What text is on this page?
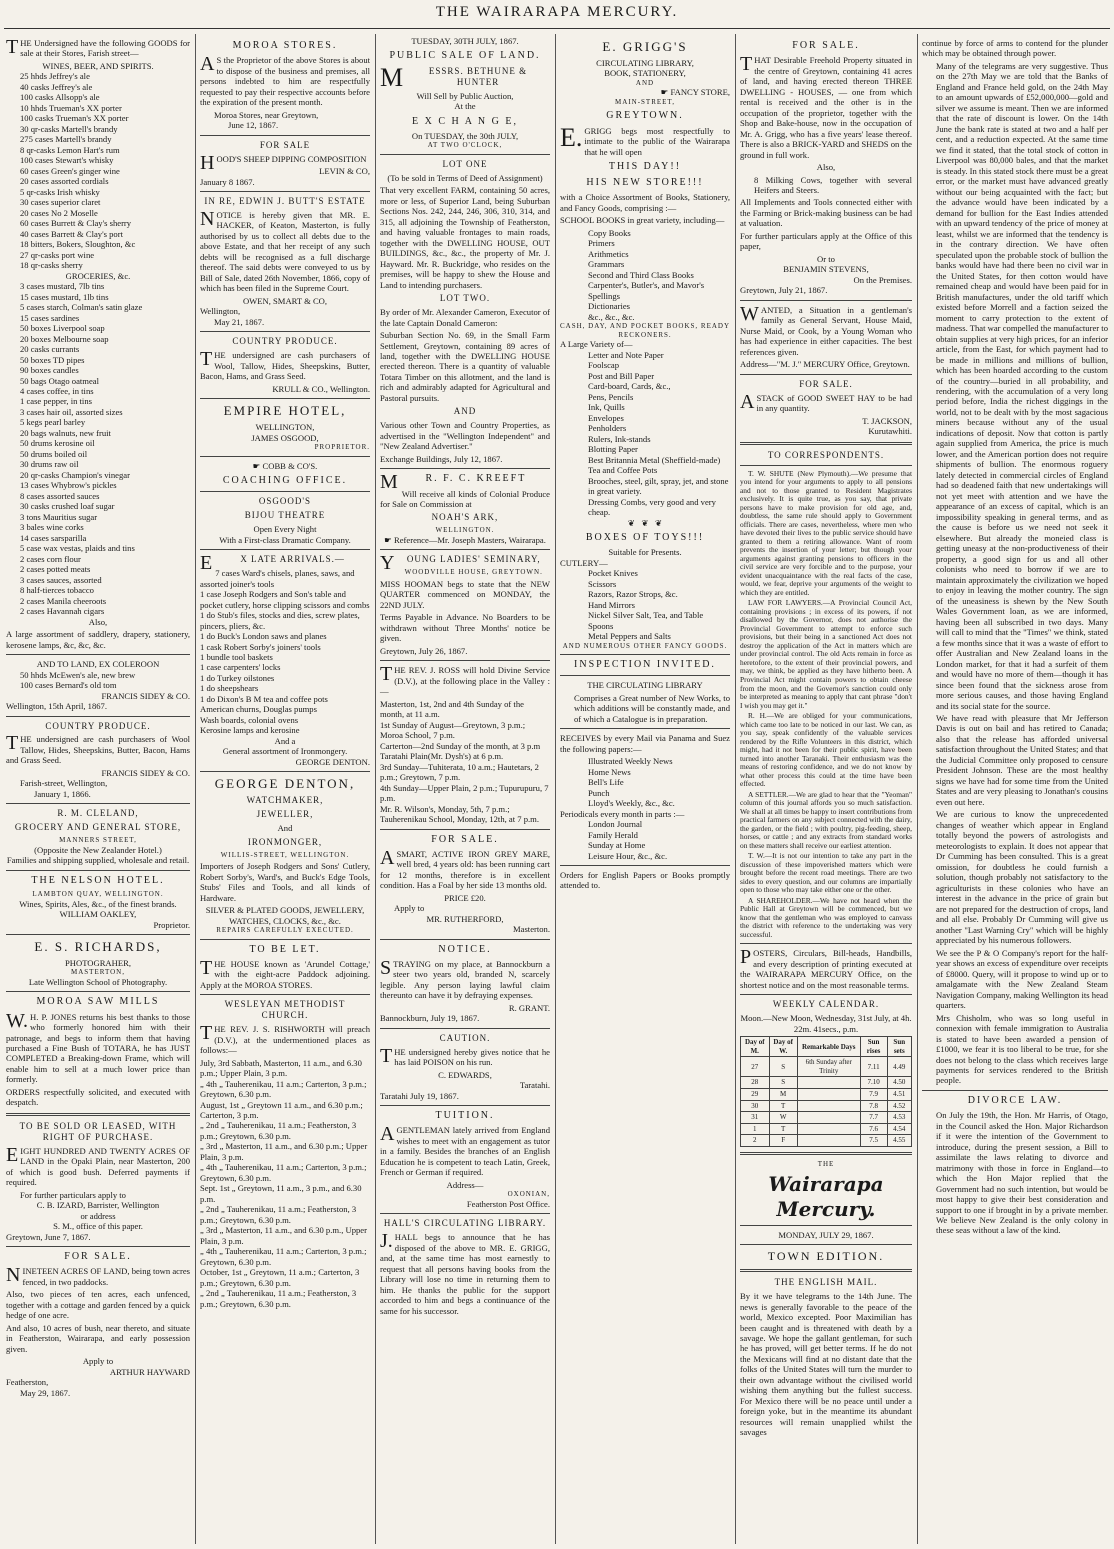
THE WAIRARAPA MERCURY.

THE Undersigned have the following GOODS for sale at their Stores, Farish street—

WINES, BEER, AND SPIRITS.
25 hhds Jeffrey's ale
40 casks Jeffrey's ale
100 casks Allsopp's ale
10 hhds Trueman's XX porter
100 casks Trueman's XX porter
30 qr-casks Martell's brandy
275 cases Martell's brandy
8 qr-casks Lemon Hart's rum
100 cases Stewart's whisky
60 cases Green's ginger wine
20 cases assorted cordials
5 qr-casks Irish whisky
30 cases superior claret
20 cases No 2 Moselle
60 cases Burrett & Clay's sherry
40 cases Barrett & Clay's port
18 bitters, Bokers, Sloughton, &c
27 qr-casks port wine
18 qr-casks sherry
GROCERIES, &c.
3 cases mustard, 7lb tins
15 cases mustard, 1lb tins
5 cases starch, Colman's satin glaze
15 cases sardines
50 boxes Liverpool soap
20 boxes Melbourne soap
20 casks currants
50 boxes TD pipes
90 boxes candles
50 bags Otago oatmeal
4 cases coffee, in tins
1 case pepper, in tins
3 cases hair oil, assorted sizes
5 kegs pearl barley
20 bags walnuts, new fruit
50 drums kerosine oil
50 drums boiled oil
30 drums raw oil
20 qr-casks Champion's vinegar
13 cases Whybrow's pickles
8 cases assorted sauces
30 casks crushed loaf sugar
3 tons Mauritius sugar
3 bales wine corks
14 cases sarsparilla
5 case wax vestas, plaids and tins
2 cases corn flour
2 cases potted meats
3 cases sauces, assorted
8 half-tierces tobacco
2 cases Manila cheeroots
2 cases Havannah cigars
Also,

A large assortment of saddlery, drapery, stationery, kerosene lamps, &c, &c, &c.

AND TO LAND, EX COLEROON
50 hhds McEwen's ale, new brew
100 cases Bernard's old tom
FRANCIS SIDEY & CO.
Wellington, 15th April, 1867.
COUNTRY PRODUCE.

THE undersigned are cash purchasers of Wool Tallow, Hides, Sheepskins, Butter, Bacon, Hams and Grass Seed.

FRANCIS SIDEY & CO.
Farish-street, Wellington,
January 1, 1866.
R. M. CLELAND,
GROCERY AND GENERAL STORE,
MANNERS STREET,
(Opposite the New Zealander Hotel.)
Families and shipping supplied, wholesale and retail.
THE NELSON HOTEL.
LAMBTON QUAY, WELLINGTON.
Wines, Spirits, Ales, &c., of the finest brands.
WILLIAM OAKLEY,
Proprietor.
E. S. RICHARDS,
PHOTOGRAHER,
MASTERTON,
Late Wellington School of Photography.
MOROA SAW MILLS

W.H. P. JONES returns his best thanks to those who formerly honored him with their patronage, and begs to inform them that having purchased a Fine Bush of TOTARA, he has JUST COMPLETED a Breaking-down Frame, which will enable him to sell at a much lower price than formerly.

ORDERS respectfully solicited, and executed with despatch.

TO BE SOLD OR LEASED, WITH RIGHT OF PURCHASE.

EIGHT HUNDRED AND TWENTY ACRES OF LAND in the Opaki Plain, near Masterton, 200 of which is good bush. Deferred payments if required.

For further particulars apply to
C. B. IZARD, Barrister, Wellington
or address
S. M., office of this paper.
Greytown, June 7, 1867.
FOR SALE.

NINETEEN ACRES OF LAND, being town acres fenced, in two paddocks.

Also, two pieces of ten acres, each unfenced, together with a cottage and garden fenced by a quick hedge of one acre.

And also, 10 acres of bush, near thereto, and situate in Featherston, Wairarapa, and early possession given.

Apply to
ARTHUR HAYWARD
Featherston,
May 29, 1867.
MOROA STORES.

AS the Proprietor of the above Stores is about to dispose of the business and premises, all persons indebted to him are respectfully requested to pay their respective accounts before the expiration of the present month.

Moroa Stores, near Greytown,
June 12, 1867.
FOR SALE

HOOD'S SHEEP DIPPING COMPOSITION

LEVIN & CO,
January 8 1867.
IN RE, EDWIN J. BUTT'S ESTATE

NOTICE is hereby given that MR. E. HACKER, of Keaton, Masterton, is fully authorised by us to collect all debts due to the above Estate, and that her receipt of any such debts will be recognised as a full discharge thereof. The said debts were conveyed to us by Bill of Sale, dated 26th November, 1866, copy of which has been filed in the Supreme Court.

OWEN, SMART & CO,
Wellington,
May 21, 1867.
COUNTRY PRODUCE.

THE undersigned are cash purchasers of Wool, Tallow, Hides, Sheepskins, Butter, Bacon, Hams, and Grass Seed.

KRULL & CO., Wellington.
EMPIRE HOTEL,
WELLINGTON,
JAMES OSGOOD,
PROPRIETOR.
☛ COBB & CO'S.
COACHING OFFICE.
OSGOOD'S
BIJOU THEATRE
Open Every Night
With a First-class Dramatic Company.
EX LATE ARRIVALS.—
7 cases Ward's chisels, planes, saws, and assorted joiner's tools
1 case Joseph Rodgers and Son's table and pocket cutlery, horse clipping scissors and combs
1 do Stub's files, stocks and dies, screw plates, pincers, pliers, &c.
1 do Buck's London saws and planes
1 cask Robert Sorby's joiners' tools
1 bundle tool baskets
1 case carpenters' locks
1 do Turkey oilstones
1 do sheepshears
1 do Dixon's B M tea and coffee pots
American churns, Douglas pumps
Wash boards, colonial ovens
Kerosine lamps and kerosine
And a
General assortment of Ironmongery.
GEORGE DENTON.
GEORGE DENTON,
WATCHMAKER,
JEWELLER,
And
IRONMONGER,
WILLIS-STREET, WELLINGTON.

Importers of Joseph Rodgers and Sons' Cutlery, Robert Sorby's, Ward's, and Buck's Edge Tools, Stubs' Files and Tools, and all kinds of Hardware.

SILVER & PLATED GOODS, JEWELLERY, WATCHES, CLOCKS, &c., &c.
REPAIRS CAREFULLY EXECUTED.
TO BE LET.

THE HOUSE known as 'Arundel Cottage,' with the eight-acre Paddock adjoining. Apply at the MOROA STORES.

WESLEYAN METHODIST CHURCH.

THE REV. J. S. RISHWORTH will preach (D.V.), at the undermentioned places as follows:—

July, 3rd Sabbath, Masterton, 11 a.m., and 6.30 p.m.; Upper Plain, 3 p.m.
„ 4th „ Tauherenikau, 11 a.m.; Carterton, 3 p.m.; Greytown, 6.30 p.m.
August, 1st „ Greytown 11 a.m., and 6.30 p.m.; Carterton, 3 p.m.
„ 2nd „ Tauherenikau, 11 a.m.; Featherston, 3 p.m.; Greytown, 6.30 p.m.
„ 3rd „ Masterton, 11 a.m., and 6.30 p.m.; Upper Plain, 3 p.m.
„ 4th „ Tauherenikau, 11 a.m.; Carterton, 3 p.m.; Greytown, 6.30 p.m.
Sept. 1st „ Greytown, 11 a.m., 3 p.m., and 6.30 p.m.
„ 2nd „ Tauherenikau, 11 a.m.; Featherston, 3 p.m.; Greytown, 6.30 p.m.
„ 3rd „ Masterton, 11 a.m., and 6.30 p.m., Upper Plain, 3 p.m.
„ 4th „ Tauherenikau, 11 a.m.; Carterton, 3 p.m.; Greytown, 6.30 p.m.
October, 1st „ Greytown, 11 a.m.; Carterton, 3 p.m.; Greytown, 6.30 p.m.
„ 2nd „ Tauherenikau, 11 a.m.; Featherston, 3 p.m.; Greytown, 6.30 p.m.
TUESDAY, 30TH JULY, 1867.
PUBLIC SALE OF LAND.
MESSRS. BETHUNE & HUNTER
Will Sell by Public Auction,
At the
E X C H A N G E,
On TUESDAY, the 30th JULY,
AT TWO O'CLOCK,
LOT ONE
(To be sold in Terms of Deed of Assignment)

That very excellent FARM, containing 50 acres, more or less, of Superior Land, being Suburban Sections Nos. 242, 244, 246, 306, 310, 314, and 315, all adjoining the Township of Featherston, and having valuable frontages to main roads, together with the DWELLING HOUSE, OUT BUILDINGS, &c., &c., the property of Mr. J. Hayward. Mr. R. Buckridge, who resides on the premises, will be happy to shew the House and Land to intending purchasers.

LOT TWO.

By order of Mr. Alexander Cameron, Executor of the late Captain Donald Cameron:

Suburban Section No. 69, in the Small Farm Settlement, Greytown, containing 89 acres of land, together with the DWELLING HOUSE erected thereon. There is a quantity of valuable Totara Timber on this allotment, and the land is rich and admirably adapted for Agricultural and Pastoral pursuits.

AND

Various other Town and Country Properties, as advertised in the "Wellington Independent" and "New Zealand Advertiser."

Exchange Buildings, July 12, 1867.
MR. F. C. KREEFT

Will receive all kinds of Colonial Produce for Sale on Commission at

NOAH'S ARK,
WELLINGTON.
☛ Reference—Mr. Joseph Masters, Wairarapa.
YOUNG LADIES' SEMINARY,
WOODVILLE HOUSE, GREYTOWN.

MISS HOOMAN begs to state that the NEW QUARTER commenced on MONDAY, the 22ND JULY.

Terms Payable in Advance. No Boarders to be withdrawn without Three Months' notice be given.

Greytown, July 26, 1867.

THE REV. J. ROSS will hold Divine Service (D.V.), at the following place in the Valley :—

Masterton, 1st, 2nd and 4th Sunday of the month, at 11 a.m.
1st Sunday of August—Greytown, 3 p.m.; Moroa School, 7 p.m.
Carterton—2nd Sunday of the month, at 3 p.m
Taratahi Plain(Mr. Dysh's) at 6 p.m.
3rd Sunday—Tuhiterata, 10 a.m.; Hautetars, 2 p.m.; Greytown, 7 p.m.
4th Sunday—Upper Plain, 2 p.m.; Tupurupuru, 7 p.m.
Mr. R. Wilson's, Monday, 5th, 7 p.m.; Tauherenikau School, Monday, 12th, at 7 p.m.
FOR SALE.

ASMART, ACTIVE IRON GREY MARE, well bred, 4 years old: has been running cart for 12 months, therefore is in excellent condition. Has a Foal by her side 13 months old.

PRICE £20.
Apply to
MR. RUTHERFORD,
Masterton.
NOTICE.

STRAYING on my place, at Bannockburn a steer two years old, branded N, scarcely legible. Any person laying lawful claim thereunto can have it by defraying expenses.

R. GRANT.
Bannockburn, July 19, 1867.
CAUTION.

THE undersigned hereby gives notice that he has laid POISON on his run.

C. EDWARDS,
Taratahi.
Taratahi July 19, 1867.
TUITION.

AGENTLEMAN lately arrived from England wishes to meet with an engagement as tutor in a family. Besides the branches of an English Education he is competent to teach Latin, Greek, French or German if required.

Address—
OXONIAN,
Featherston Post Office.
HALL'S CIRCULATING LIBRARY.

J.HALL begs to announce that he has disposed of the above to MR. E. GRIGG, and, at the same time has most earnestly to request that all persons having books from the Library will lose no time in returning them to him. He thanks the public for the support accorded to him and begs a continuance of the same for his successor.

E. GRIGG'S
CIRCULATING LIBRARY,
BOOK, STATIONERY,
AND
☛ FANCY STORE,
MAIN-STREET,
GREYTOWN.

E.GRIGG begs most respectfully to intimate to the public of the Wairarapa that he will open

THIS DAY!!
HIS NEW STORE!!!

with a Choice Assortment of Books, Stationery, and Fancy Goods, comprising :—

SCHOOL BOOKS in great variety, including—

Copy Books
Primers
Arithmetics
Grammars
Second and Third Class Books
Carpenter's, Butler's, and Mavor's Spellings
Dictionaries
&c., &c., &c.
CASH, DAY, AND POCKET BOOKS, READY RECKONERS.
A Large Variety of—
Letter and Note Paper
Foolscap
Post and Bill Paper
Card-board, Cards, &c.,
Pens, Pencils
Ink, Quills
Envelopes
Penholders
Rulers, Ink-stands
Blotting Paper
Best Britannia Metal (Sheffield-made) Tea and Coffee Pots
Brooches, steel, gilt, spray, jet, and stone in great variety.
Dressing Combs, very good and very cheap.
❦   ❦   ❦
BOXES OF TOYS!!!
Suitable for Presents.
CUTLERY—
Pocket Knives
Scissors
Razors, Razor Strops, &c.
Hand Mirrors
Nickel Silver Salt, Tea, and Table Spoons
Metal Peppers and Salts
AND NUMEROUS OTHER FANCY GOODS.
INSPECTION INVITED.
THE CIRCULATING LIBRARY

Comprises a Great number of New Works, to which additions will be constantly made, and of which a Catalogue is in preparation.

RECEIVES by every Mail via Panama and Suez the following papers:—

Illustrated Weekly News
Home News
Bell's Life
Punch
Lloyd's Weekly, &c., &c.
Periodicals every month in parts :—
London Journal
Family Herald
Sunday at Home
Leisure Hour, &c., &c.

Orders for English Papers or Books promptly attended to.

FOR SALE.

THAT Desirable Freehold Property situated in the centre of Greytown, containing 41 acres of land, and having erected thereon THREE DWELLING - HOUSES, — one from which rental is received and the other is in the occupation of the proprietor, together with the Shop and Bake-house, now in the occupation of Mr. A. Grigg, who has a five years' lease thereof. There is also a BRICK-YARD and SHEDS on the ground in full work.

Also,

8 Milking Cows, together with several Heifers and Steers.

All Implements and Tools connected either with the Farming or Brick-making business can be had at valuation.

For further particulars apply at the Office of this paper,

Or to
BENJAMIN STEVENS,
On the Premises.
Greytown, July 21, 1867.

WANTED, a Situation in a gentleman's family as General Servant, House Maid, Nurse Maid, or Cook, by a Young Woman who has had experience in either capacities. The best references given.

Address—"M. J." MERCURY Office, Greytown.

FOR SALE.

ASTACK of GOOD SWEET HAY to be had in any quantity.

T. JACKSON,
Kurutawhiti.
TO CORRESPONDENTS.

T. W. SHUTE (New Plymouth).—We presume that you intend for your arguments to apply to all pensions and not to those granted to Resident Magistrates exclusively. It is quite true, as you say, that private persons have to make provision for old age, and, doubtless, the same rule should apply to Government officials. There are cases, nevertheless, where men who have devoted their lives to the public service should have granted to them a retiring allowance. Want of room prevents the insertion of your letter; but though your arguments against granting pensions to officers in the civil service are very forcible and to the purpose, your evident unacquaintance with the real facts of the case, would, we fear, deprive your arguments of the weight to which they are entitled.

LAW FOR LAWYERS.—A Provincial Council Act, containing provisions ; in excess of its powers, if not disallowed by the Governor, does not authorise the Provincial Government to attempt to enforce such provisions, but their being in a sanctioned Act does not destroy the application of the Act in matters which are under provincial control. The old Acts remain in force as heretofore, to the extent of their provincial powers, and may, we think, be applied as they have hitherto been. A Provincial Act might contain powers to obtain cheese from the moon, and the Governor's sanction could only be interpreted as meaning to apply that cant phrase "don't I wish you may get it."

R. H.—We are obliged for your communications, which came too late to be noticed in our last. We can, as you say, speak confidently of the valuable services rendered by the Rifle Volunteers in this district, which might, had it not been for their public spirit, have been turned into another Taranaki. Their enthusiasm was the means of restoring confidence, and we do not know by what other process this could at the time have been effected.

A SETTLER.—We are glad to hear that the "Yeoman" column of this journal affords you so much satisfaction. We shall at all times be happy to insert contributions from practical farmers on any subject connected with the dairy, the garden, or the field ; with poultry, pig-feeding, sheep, horses, or cattle ; and any extracts from standard works on these matters shall receive our earliest attention.

T. W.—It is not our intention to take any part in the discussion of these impoverished matters which were brought before the recent road meetings. There are two sides to every question, and our columns are impartially open to those who may take either one or the other.

A SHAREHOLDER.—We have not heard when the Public Hall at Greytown will be commenced, but we know that the gentleman who was employed to canvass the district with reference to the undertaking was very successful.

POSTERS, Circulars, Bill-heads, Handbills, and every description of printing executed at the WAIRARAPA MERCURY Office, on the shortest notice and on the most reasonable terms.

WEEKLY CALENDAR.

Moon.—New Moon, Wednesday, 31st July, at 4h. 22m. 41secs., p.m.

Day of M.	Day of W.	Remarkable Days	Sun rises	Sun sets
27	S	6th Sunday after Trinity	7.11	4.49
28	S		7.10	4.50
29	M		7.9	4.51
30	T		7.8	4.52
31	W		7.7	4.53
1	T		7.6	4.54
2	F		7.5	4.55
THE
Wairarapa Mercury.
MONDAY, JULY 29, 1867.
TOWN EDITION.
THE ENGLISH MAIL.

By it we have telegrams to the 14th June. The news is generally favorable to the peace of the world, Mexico excepted. Poor Maximilian has been caught and is threatened with death by a savage. We hope the gallant gentleman, for such he has proved, will get better terms. If he do not the Mexicans will find at no distant date that the folks of the United States will turn the murder to their own advantage without the civilised world wishing them anything but the fullest success. For Mexico there will be no peace until under a foreign yoke, but in the meantime its abundant resources will remain unapplied whilst the savages

continue by force of arms to contend for the plunder which may be obtained through power.

Many of the telegrams are very suggestive. Thus on the 27th May we are told that the Banks of England and France held gold, on the 24th May to an amount upwards of £52,000,000—gold and silver we assume is meant. Then we are informed that the rate of discount is lower. On the 14th June the bank rate is stated at two and a half per cent, and a reduction expected. At the same time we find it stated, that the total stock of cotton in Liverpool was 80,000 bales, and that the market is steady. In this stated stock there must be a great error, or the market must have advanced greatly without our being acquainted with the fact; but the advance would have been indicated by a demand for bullion for the East Indies attended with an upward tendency of the price of money at least, whilst we are informed that the tendency is in the contrary direction. We have often speculated upon the probable stock of bullion the banks would have had there been no civil war in the United States, for then cotton would have remained cheap and would have been paid for in British manufactures, under the old tariff which existed before Morrell and a faction seized the moment to carry protection to the extent of madness. That war compelled the manufacturer to obtain supplies at very high prices, for an inferior article, from the East, for which payment had to be made in millions and millions of bullion, which has been hoarded according to the custom of the country—buried in all probability, and rendering, with the accumulation of a very long period before, India the richest diggings in the world, not to be dealt with by the most sagacious miners because without any of the usual indications of deposit. Now that cotton is partly again supplied from America, the price is much lower, and the American portion does not require shipments of bullion. The enormous roguery lately detected in commercial circles of England had so deadened faith that new undertakings will not yet meet with attention and we have the appearance of an excess of capital, which is an impossibility speaking in general terms, and as the cause is before us we need not seek it elsewhere. But already the moneied class is getting uneasy at the non-productiveness of their property, a good sign for us and all other colonists who need to borrow if we are to maintain approximately the civilization we hoped to enjoy in leaving the mother country. The sign of the uneasiness is shewn by the New South Wales Government loan, as we are informed, having been all subscribed in two days. Many will call to mind that the "Times" we think, stated a few months since that it was a waste of effort to offer Australian and New Zealand loans in the London market, for that it had a surfeit of them and would have no more of them—though it has since been found that the sickness arose from more serious causes, and those having England and its social state for the source.

We have read with pleasure that Mr Jefferson Davis is out on bail and has retired to Canada; also that the release has afforded universal satisfaction throughout the United States; and that the Judicial Committee only proposed to censure President Johnson. These are the most healthy signs we have had for some time from the United States and are very pleasing to Jonathan's cousins even out here.

We are curious to know the unprecedented changes of weather which appear in England totally beyond the powers of astrologists and meteorologists to explain. It does not appear that Dr Cumming has been consulted. This is a great omission, for doubtless he could furnish a solution, though probably not satisfactory to the agriculturists in these colonies who have an interest in the advance in the price of grain but are not prepared for the destruction of crops, land and all else. Probably Dr Cumming will give us another "Last Warning Cry" which will be highly appreciated by his numerous followers.

We see the P & O Company's report for the half-year shows an excess of expenditure over receipts of £8000. Query, will it propose to wind up or to amalgamate with the New Zealand Steam Navigation Company, making Wellington its head quarters.

Mrs Chisholm, who was so long useful in connexion with female immigration to Australia is stated to have been awarded a pension of £1000, we fear it is too liberal to be true, for she does not belong to the class which receives large payments for services rendered to the British people.

DIVORCE LAW.

On July the 19th, the Hon. Mr Harris, of Otago, in the Council asked the Hon. Major Richardson if it were the intention of the Government to introduce, during the present session, a Bill to assimilate the laws relating to divorce and matrimony with those in force in England—to which the Hon Major replied that the Government had no such intention, but would be most happy to give their best consideration and support to one if brought in by a private member. We believe New Zealand is the only colony in these seas without a law of the kind.
